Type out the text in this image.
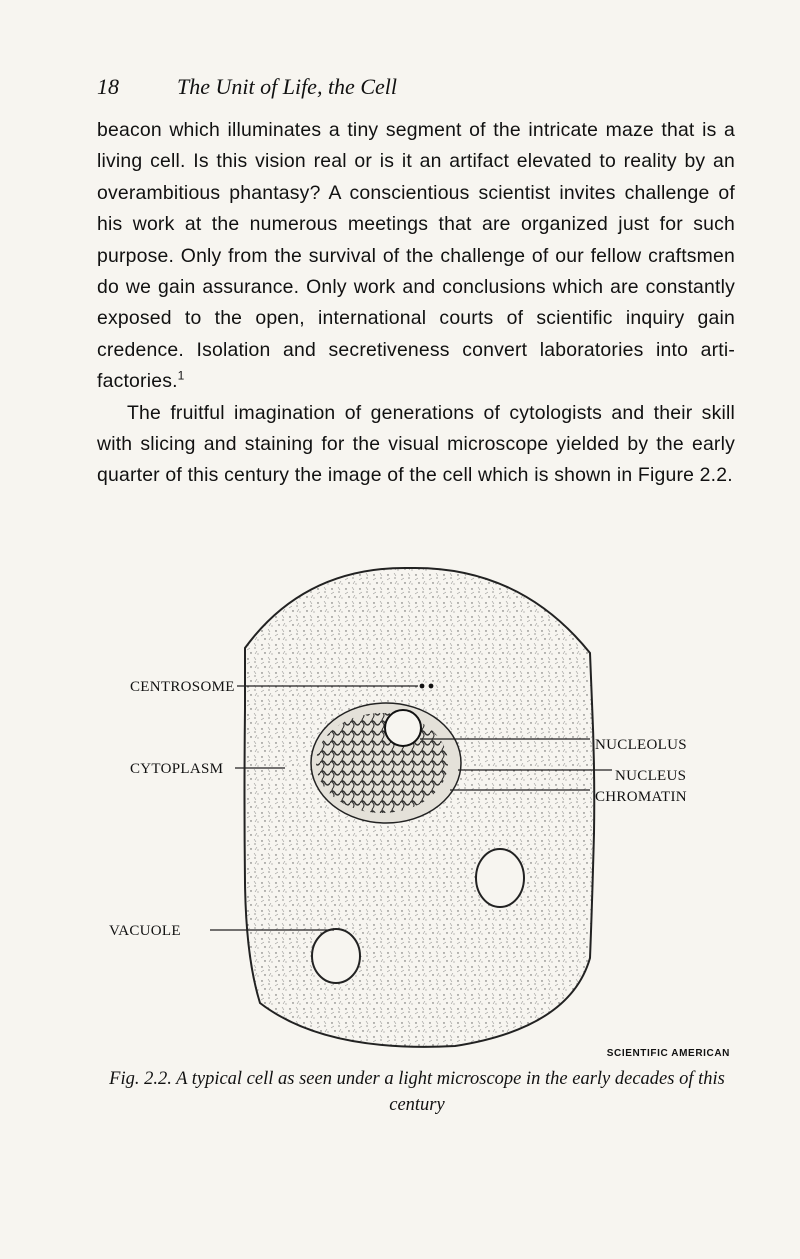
18	The Unit of Life, the Cell

beacon which illuminates a tiny segment of the intricate maze that is a living cell. Is this vision real or is it an artifact elevated to reality by an overambitious phantasy? A conscientious scientist invites challenge of his work at the numerous meetings that are organized just for such purpose. Only from the survival of the challenge of our fellow craftsmen do we gain assurance. Only work and conclusions which are constantly exposed to the open, international courts of scientific inquiry gain credence. Isolation and secretiveness convert laboratories into arti-factories.$^1$

The fruitful imagination of generations of cytologists and their skill with slicing and staining for the visual microscope yielded by the early quarter of this century the image of the cell which is shown in Figure 2.2.

CENTROSOME
CYTOPLASM
VACUOLE
NUCLEOLUS
NUCLEUS
CHROMATIN
SCIENTIFIC AMERICAN
Fig. 2.2. A typical cell as seen under a light microscope in the early decades of this century
